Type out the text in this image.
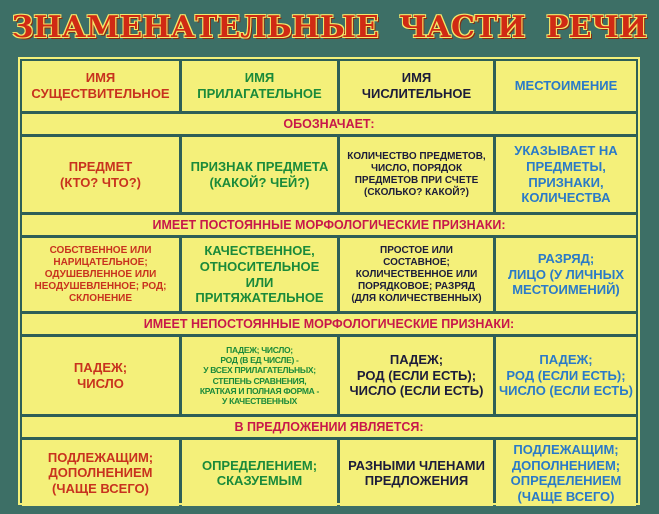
ЗНАМЕНАТЕЛЬНЫЕ ЧАСТИ РЕЧИ
ИМЯ
СУЩЕСТВИТЕЛЬНОЕ
ИМЯ
ПРИЛАГАТЕЛЬНОЕ
ИМЯ
ЧИСЛИТЕЛЬНОЕ
МЕСТОИМЕНИЕ
ОБОЗНАЧАЕТ:
ПРЕДМЕТ
(КТО? ЧТО?)
ПРИЗНАК ПРЕДМЕТА
(КАКОЙ? ЧЕЙ?)
КОЛИЧЕСТВО ПРЕДМЕТОВ,
ЧИСЛО, ПОРЯДОК
ПРЕДМЕТОВ ПРИ СЧЕТЕ
(СКОЛЬКО? КАКОЙ?)
УКАЗЫВАЕТ НА
ПРЕДМЕТЫ,
ПРИЗНАКИ,
КОЛИЧЕСТВА
ИМЕЕТ ПОСТОЯННЫЕ МОРФОЛОГИЧЕСКИЕ ПРИЗНАКИ:
СОБСТВЕННОЕ ИЛИ
НАРИЦАТЕЛЬНОЕ;
ОДУШЕВЛЕННОЕ ИЛИ
НЕОДУШЕВЛЕННОЕ; РОД;
СКЛОНЕНИЕ
КАЧЕСТВЕННОЕ,
ОТНОСИТЕЛЬНОЕ
ИЛИ
ПРИТЯЖАТЕЛЬНОЕ
ПРОСТОЕ ИЛИ
СОСТАВНОЕ;
КОЛИЧЕСТВЕННОЕ ИЛИ
ПОРЯДКОВОЕ; РАЗРЯД
(ДЛЯ КОЛИЧЕСТВЕННЫХ)
РАЗРЯД;
ЛИЦО (У ЛИЧНЫХ
МЕСТОИМЕНИЙ)
ИМЕЕТ НЕПОСТОЯННЫЕ МОРФОЛОГИЧЕСКИЕ ПРИЗНАКИ:
ПАДЕЖ;
ЧИСЛО
ПАДЕЖ; ЧИСЛО;
РОД (В ЕД ЧИСЛЕ) -
У ВСЕХ ПРИЛАГАТЕЛЬНЫХ;
СТЕПЕНЬ СРАВНЕНИЯ,
КРАТКАЯ И ПОЛНАЯ ФОРМА -
У КАЧЕСТВЕННЫХ
ПАДЕЖ;
РОД (ЕСЛИ ЕСТЬ);
ЧИСЛО (ЕСЛИ ЕСТЬ)
ПАДЕЖ;
РОД (ЕСЛИ ЕСТЬ);
ЧИСЛО (ЕСЛИ ЕСТЬ)
В ПРЕДЛОЖЕНИИ ЯВЛЯЕТСЯ:
ПОДЛЕЖАЩИМ;
ДОПОЛНЕНИЕМ
(ЧАЩЕ ВСЕГО)
ОПРЕДЕЛЕНИЕМ;
СКАЗУЕМЫМ
РАЗНЫМИ ЧЛЕНАМИ
ПРЕДЛОЖЕНИЯ
ПОДЛЕЖАЩИМ;
ДОПОЛНЕНИЕМ;
ОПРЕДЕЛЕНИЕМ
(ЧАЩЕ ВСЕГО)
